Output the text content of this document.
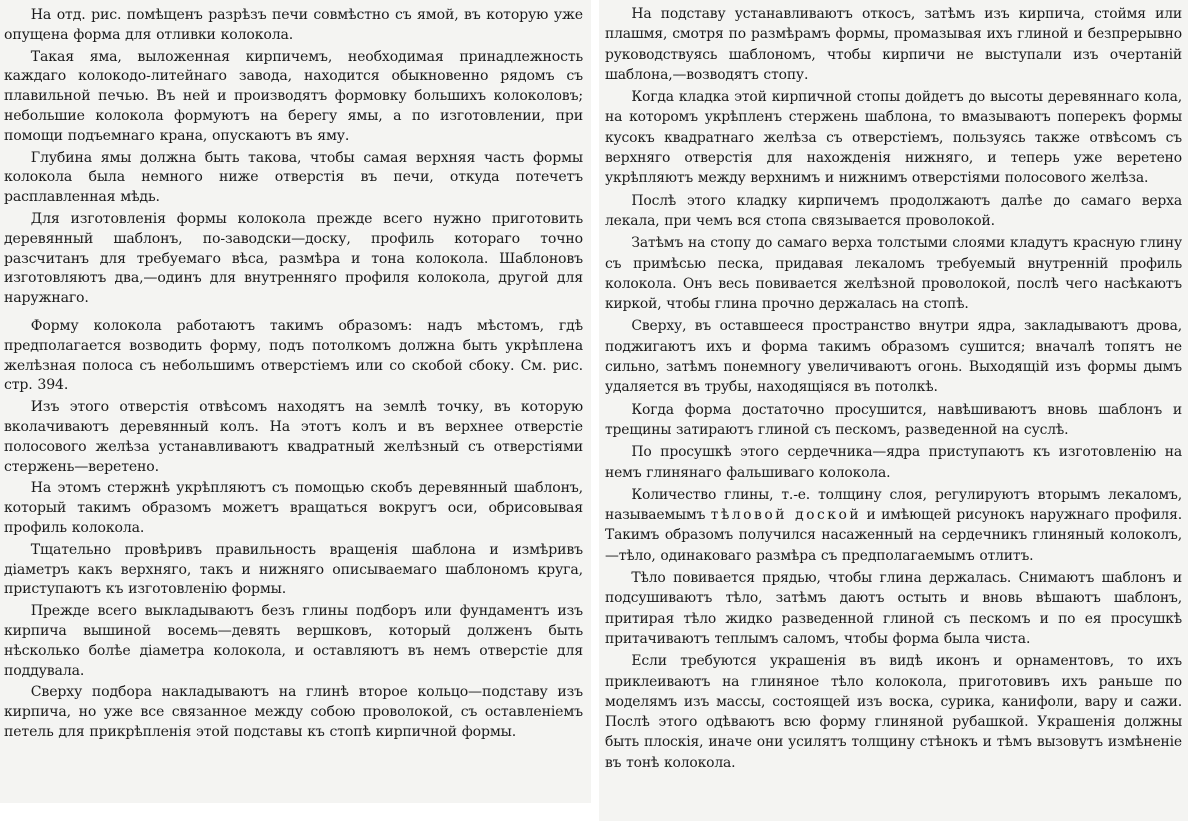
На отд. рис. помѣщенъ разрѣзъ печи совмѣстно съ ямой, въ которую уже опущена форма для отливки колокола.

Такая яма, выложенная кирпичемъ, необходимая принадлежность каждаго колокодо-литейнаго завода, находится обыкновенно рядомъ съ плавильной печью. Въ ней и производятъ формовку большихъ колоколовъ; небольшие колокола формуютъ на берегу ямы, а по изготовлении, при помощи подъемнаго крана, опускаютъ въ яму.

Глубина ямы должна быть такова, чтобы самая верхняя часть формы колокола была немного ниже отверстія въ печи, откуда потечетъ расплавленная мѣдь.

Для изготовленія формы колокола прежде всего нужно приготовить деревянный шаблонъ, по-заводски—доску, профиль котораго точно разсчитанъ для требуемаго вѣса, размѣра и тона колокола. Шаблоновъ изготовляютъ два,—одинъ для внутренняго профиля колокола, другой для наружнаго.

Форму колокола работаютъ такимъ образомъ: надъ мѣстомъ, гдѣ предполагается возводить форму, подъ потолкомъ должна быть укрѣплена желѣзная полоса съ небольшимъ отверстіемъ или со скобой сбоку. См. рис. стр. 394.

Изъ этого отверстія отвѣсомъ находятъ на землѣ точку, въ которую вколачиваютъ деревянный колъ. На этотъ колъ и въ верхнее отверстіе полосового желѣза устанавливаютъ квадратный желѣзный съ отверстіями стержень—веретено.

На этомъ стержнѣ укрѣпляютъ съ помощью скобъ деревянный шаблонъ, который такимъ образомъ можетъ вращаться вокругъ оси, обрисовывая профиль колокола.

Тщательно провѣривъ правильность вращенія шаблона и измѣривъ діаметръ какъ верхняго, такъ и нижняго описываемаго шаблономъ круга, приступаютъ къ изготовленію формы.

Прежде всего выкладываютъ безъ глины подборъ или фундаментъ изъ кирпича вышиной восемь—девять вершковъ, который долженъ быть нѣсколько болѣе діаметра колокола, и оставляютъ въ немъ отверстіе для поддувала.

Сверху подбора накладываютъ на глинѣ второе кольцо—подставу изъ кирпича, но уже все связанное между собою проволокой, съ оставленіемъ петель для прикрѣпленія этой подставы къ стопѣ кирпичной формы.

На подставу устанавливаютъ откосъ, затѣмъ изъ кирпича, стоймя или плашмя, смотря по размѣрамъ формы, промазывая ихъ глиной и безпрерывно руководствуясь шаблономъ, чтобы кирпичи не выступали изъ очертаній шаблона,—возводятъ стопу.

Когда кладка этой кирпичной стопы дойдетъ до высоты деревяннаго кола, на которомъ укрѣпленъ стержень шаблона, то вмазываютъ поперекъ формы кусокъ квадратнаго желѣза съ отверстіемъ, пользуясь также отвѣсомъ съ верхняго отверстія для нахожденія нижняго, и теперь уже веретено укрѣпляютъ между верхнимъ и нижнимъ отверстіями полосового желѣза.

Послѣ этого кладку кирпичемъ продолжаютъ далѣе до самаго верха лекала, при чемъ вся стопа связывается проволокой.

Затѣмъ на стопу до самаго верха толстыми слоями кладутъ красную глину съ примѣсью песка, придавая лекаломъ требуемый внутренній профиль колокола. Онъ весь повивается желѣзной проволокой, послѣ чего насѣкаютъ киркой, чтобы глина прочно держалась на стопѣ.

Сверху, въ оставшееся пространство внутри ядра, закладываютъ дрова, поджигаютъ ихъ и форма такимъ образомъ сушится; вначалѣ топятъ не сильно, затѣмъ понемногу увеличиваютъ огонь. Выходящій изъ формы дымъ удаляется въ трубы, находящіяся въ потолкѣ.

Когда форма достаточно просушится, навѣшиваютъ вновь шаблонъ и трещины затираютъ глиной съ пескомъ, разведенной на суслѣ.

По просушкѣ этого сердечника—ядра приступаютъ къ изготовленію на немъ глинянаго фальшиваго колокола.

Количество глины, т.-е. толщину слоя, регулируютъ вторымъ лекаломъ, называемымъ тѣловой доской и имѣющей рисунокъ наружнаго профиля. Такимъ образомъ получился насаженный на сердечникъ глиняный колоколъ,—тѣло, одинаковаго размѣра съ предполагаемымъ отлитъ.

Тѣло повивается прядью, чтобы глина держалась. Снимаютъ шаблонъ и подсушиваютъ тѣло, затѣмъ даютъ остыть и вновь вѣшаютъ шаблонъ, притирая тѣло жидко разведенной глиной съ пескомъ и по ея просушкѣ притачиваютъ теплымъ саломъ, чтобы форма была чиста.

Если требуются украшенія въ видѣ иконъ и орнаментовъ, то ихъ приклеиваютъ на глиняное тѣло колокола, приготовивъ ихъ раньше по моделямъ изъ массы, состоящей изъ воска, сурика, канифоли, вару и сажи. Послѣ этого одѣваютъ всю форму глиняной рубашкой. Украшенія должны быть плоскія, иначе они усилятъ толщину стѣнокъ и тѣмъ вызовутъ измѣненіе въ тонѣ колокола.
